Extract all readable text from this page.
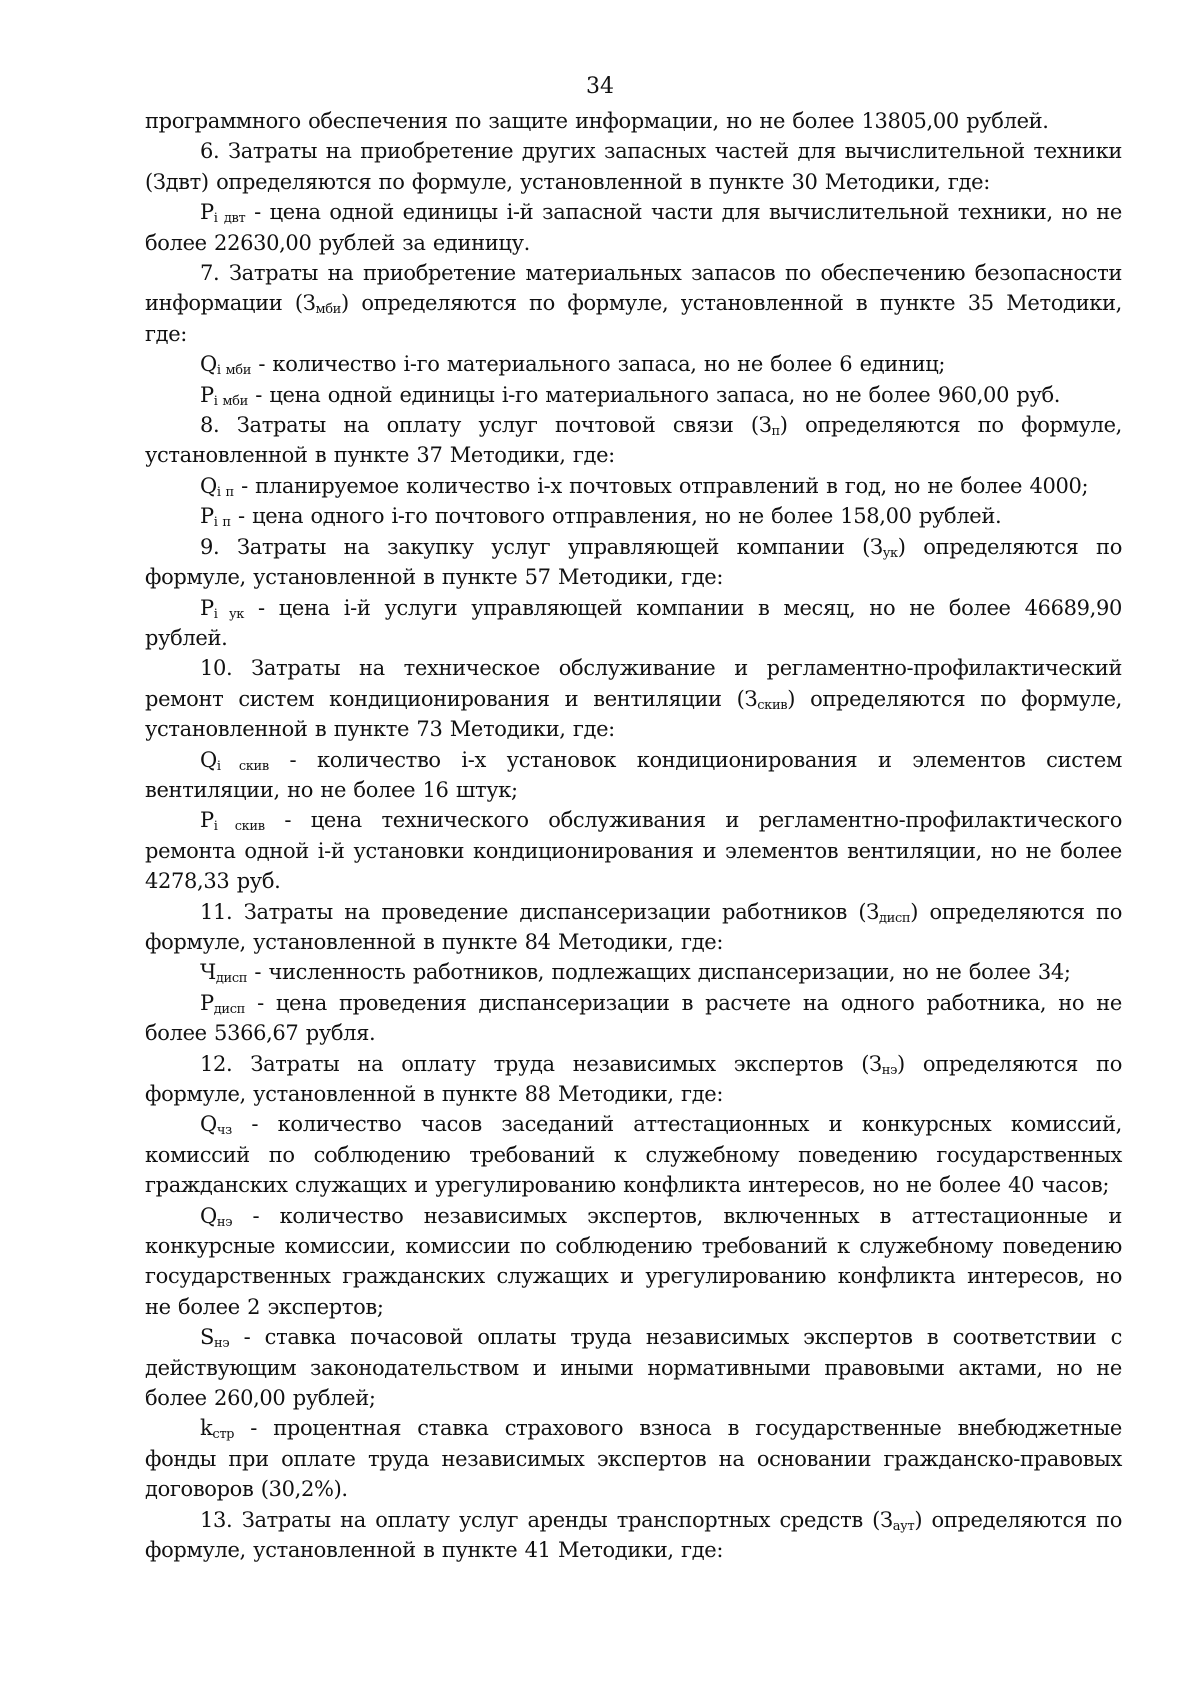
34

программного обеспечения по защите информации, но не более 13805,00 рублей.

6. Затраты на приобретение других запасных частей для вычислительной техники (Здвт) определяются по формуле, установленной в пункте 30 Методики, где:

$P_{i двт}$ - цена одной единицы i-й запасной части для вычислительной техники, но не более 22630,00 рублей за единицу.

7. Затраты на приобретение материальных запасов по обеспечению безопасности информации $(З_{мби})$ определяются по формуле, установленной в пункте 35 Методики, где:

$Q_{i мби}$ - количество i-го материального запаса, но не более 6 единиц;

$P_{i мби}$ - цена одной единицы i-го материального запаса, но не более 960,00 руб.

8. Затраты на оплату услуг почтовой связи $(З_п)$ определяются по формуле, установленной в пункте 37 Методики, где:

$Q_{i п}$ - планируемое количество i-х почтовых отправлений в год, но не более 4000;

$P_{i п}$ - цена одного i-го почтового отправления, но не более 158,00 рублей.

9. Затраты на закупку услуг управляющей компании $(З_{ук})$ определяются по формуле, установленной в пункте 57 Методики, где:

$P_{i ук}$ - цена i-й услуги управляющей компании в месяц, но не более 46689,90 рублей.

10. Затраты на техническое обслуживание и регламентно-профилактический ремонт систем кондиционирования и вентиляции $(З_{скив})$ определяются по формуле, установленной в пункте 73 Методики, где:

$Q_{i скив}$ - количество i-х установок кондиционирования и элементов систем вентиляции, но не более 16 штук;

$P_{i скив}$ - цена технического обслуживания и регламентно-профилактического ремонта одной i-й установки кондиционирования и элементов вентиляции, но не более 4278,33 руб.

11. Затраты на проведение диспансеризации работников $(З_{дисп})$ определяются по формуле, установленной в пункте 84 Методики, где:

$Ч_{дисп}$ - численность работников, подлежащих диспансеризации, но не более 34;

$P_{дисп}$ - цена проведения диспансеризации в расчете на одного работника, но не более 5366,67 рубля.

12. Затраты на оплату труда независимых экспертов $(З_{нэ})$ определяются по формуле, установленной в пункте 88 Методики, где:

$Q_{чз}$ - количество часов заседаний аттестационных и конкурсных комиссий, комиссий по соблюдению требований к служебному поведению государственных гражданских служащих и урегулированию конфликта интересов, но не более 40 часов;

$Q_{нэ}$ - количество независимых экспертов, включенных в аттестационные и конкурсные комиссии, комиссии по соблюдению требований к служебному поведению государственных гражданских служащих и урегулированию конфликта интересов, но не более 2 экспертов;

$S_{нэ}$ - ставка почасовой оплаты труда независимых экспертов в соответствии с действующим законодательством и иными нормативными правовыми актами, но не более 260,00 рублей;

$k_{стр}$ - процентная ставка страхового взноса в государственные внебюджетные фонды при оплате труда независимых экспертов на основании гражданско-правовых договоров (30,2%).

13. Затраты на оплату услуг аренды транспортных средств $(З_{аут})$ определяются по формуле, установленной в пункте 41 Методики, где:
